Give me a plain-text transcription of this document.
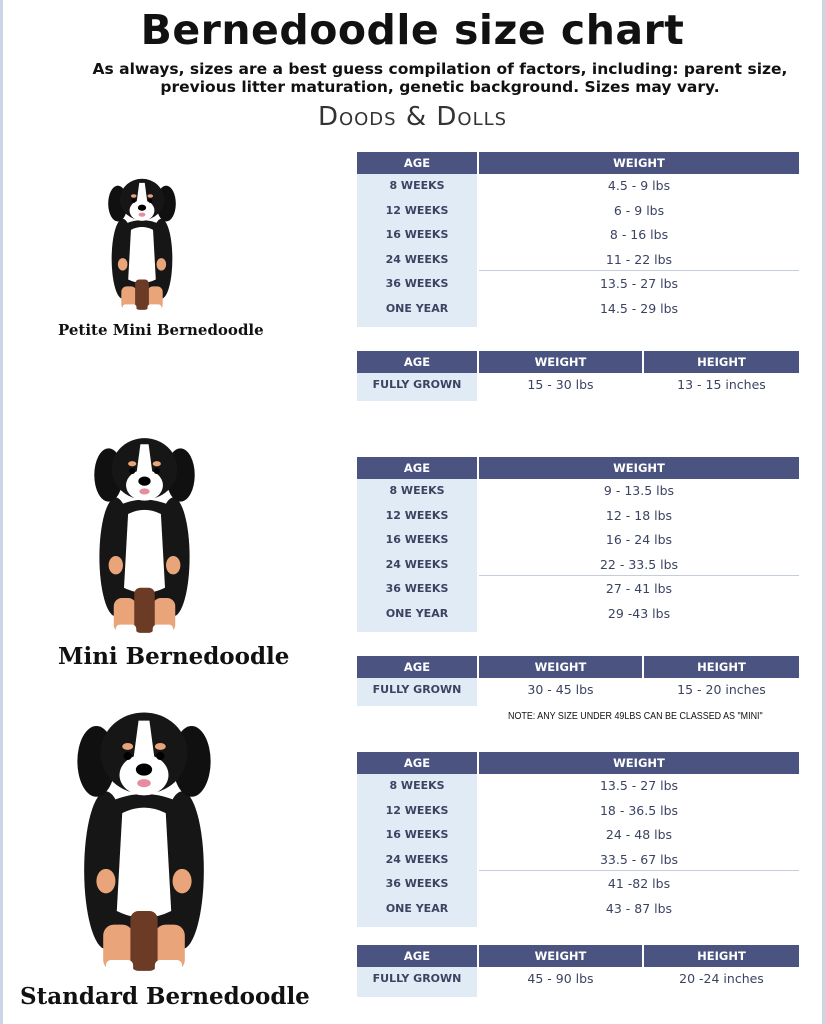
Bernedoodle size chart
As always, sizes are a best guess compilation of factors, including: parent size, previous litter maturation, genetic background. Sizes may vary.
Doods & Dolls
Petite Mini Bernedoodle
Mini Bernedoodle
Standard Bernedoodle
AGE	WEIGHT
8 WEEKS	4.5 - 9 lbs
12 WEEKS	6 - 9 lbs
16 WEEKS	8 - 16 lbs
24 WEEKS	11 - 22 lbs
36 WEEKS	13.5 - 27 lbs
ONE YEAR	14.5 - 29 lbs
AGE	WEIGHT	HEIGHT
FULLY GROWN	15 - 30 lbs	13 - 15 inches
AGE	WEIGHT
8 WEEKS	9 - 13.5 lbs
12 WEEKS	12 - 18 lbs
16 WEEKS	16 - 24 lbs
24 WEEKS	22 - 33.5 lbs
36 WEEKS	27 - 41 lbs
ONE YEAR	29 -43 lbs
AGE	WEIGHT	HEIGHT
FULLY GROWN	30 - 45 lbs	15 - 20 inches
NOTE: ANY SIZE UNDER 49LBS CAN BE CLASSED AS "MINI"
AGE	WEIGHT
8 WEEKS	13.5 - 27 lbs
12 WEEKS	18 - 36.5 lbs
16 WEEKS	24 - 48 lbs
24 WEEKS	33.5 - 67 lbs
36 WEEKS	41 -82 lbs
ONE YEAR	43 - 87 lbs
AGE	WEIGHT	HEIGHT
FULLY GROWN	45 - 90 lbs	20 -24 inches
